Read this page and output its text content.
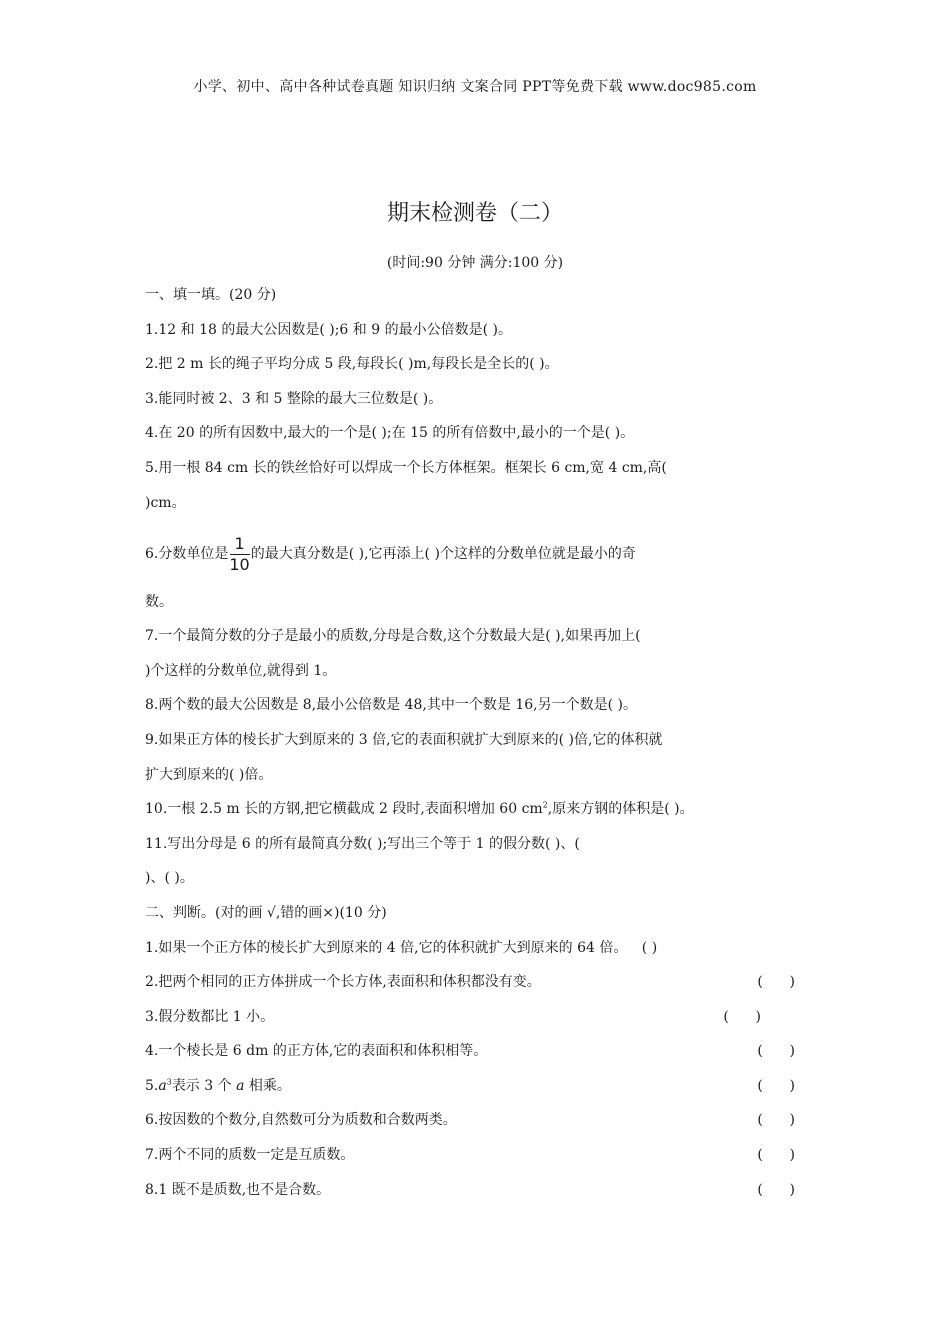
小学、初中、高中各种试卷真题 知识归纳 文案合同 PPT等免费下载 www.doc985.com
期末检测卷（二）
(时间:90 分钟 满分:100 分)
一、填一填。(20 分)
1.12 和 18 的最大公因数是( );6 和 9 的最小公倍数是( )。
2.把 2 m 长的绳子平均分成 5 段,每段长( )m,每段长是全长的( )。
3.能同时被 2、3 和 5 整除的最大三位数是( )。
4.在 20 的所有因数中,最大的一个是( );在 15 的所有倍数中,最小的一个是( )。
5.用一根 84 cm 长的铁丝恰好可以焊成一个长方体框架。框架长 6 cm,宽 4 cm,高(
)cm。
6.分数单位是 $\frac{1}{10}$ 的最大真分数是( ),它再添上( )个这样的分数单位就是最小的奇
数。
7.一个最简分数的分子是最小的质数,分母是合数,这个分数最大是( ),如果再加上(
)个这样的分数单位,就得到 1。
8.两个数的最大公因数是 8,最小公倍数是 48,其中一个数是 16,另一个数是( )。
9.如果正方体的棱长扩大到原来的 3 倍,它的表面积就扩大到原来的( )倍,它的体积就
扩大到原来的( )倍。
10.一根 2.5 m 长的方钢,把它横截成 2 段时,表面积增加 60 $cm^2$,原来方钢的体积是( )。
11.写出分母是 6 的所有最简真分数( );写出三个等于 1 的假分数( )、(
)、( )。
二、判断。(对的画 √,错的画×)(10 分)
1.如果一个正方体的棱长扩大到原来的 4 倍,它的体积就扩大到原来的 64 倍。 ( )
2.把两个相同的正方体拼成一个长方体,表面积和体积都没有变。	(      )
3.假分数都比 1 小。	(      )
4.一个棱长是 6 dm 的正方体,它的表面积和体积相等。	(      )
$5.a^3$表示 3 个 a 相乘。	(      )
6.按因数的个数分,自然数可分为质数和合数两类。	(      )
7.两个不同的质数一定是互质数。	(      )
8.1 既不是质数,也不是合数。	(      )
